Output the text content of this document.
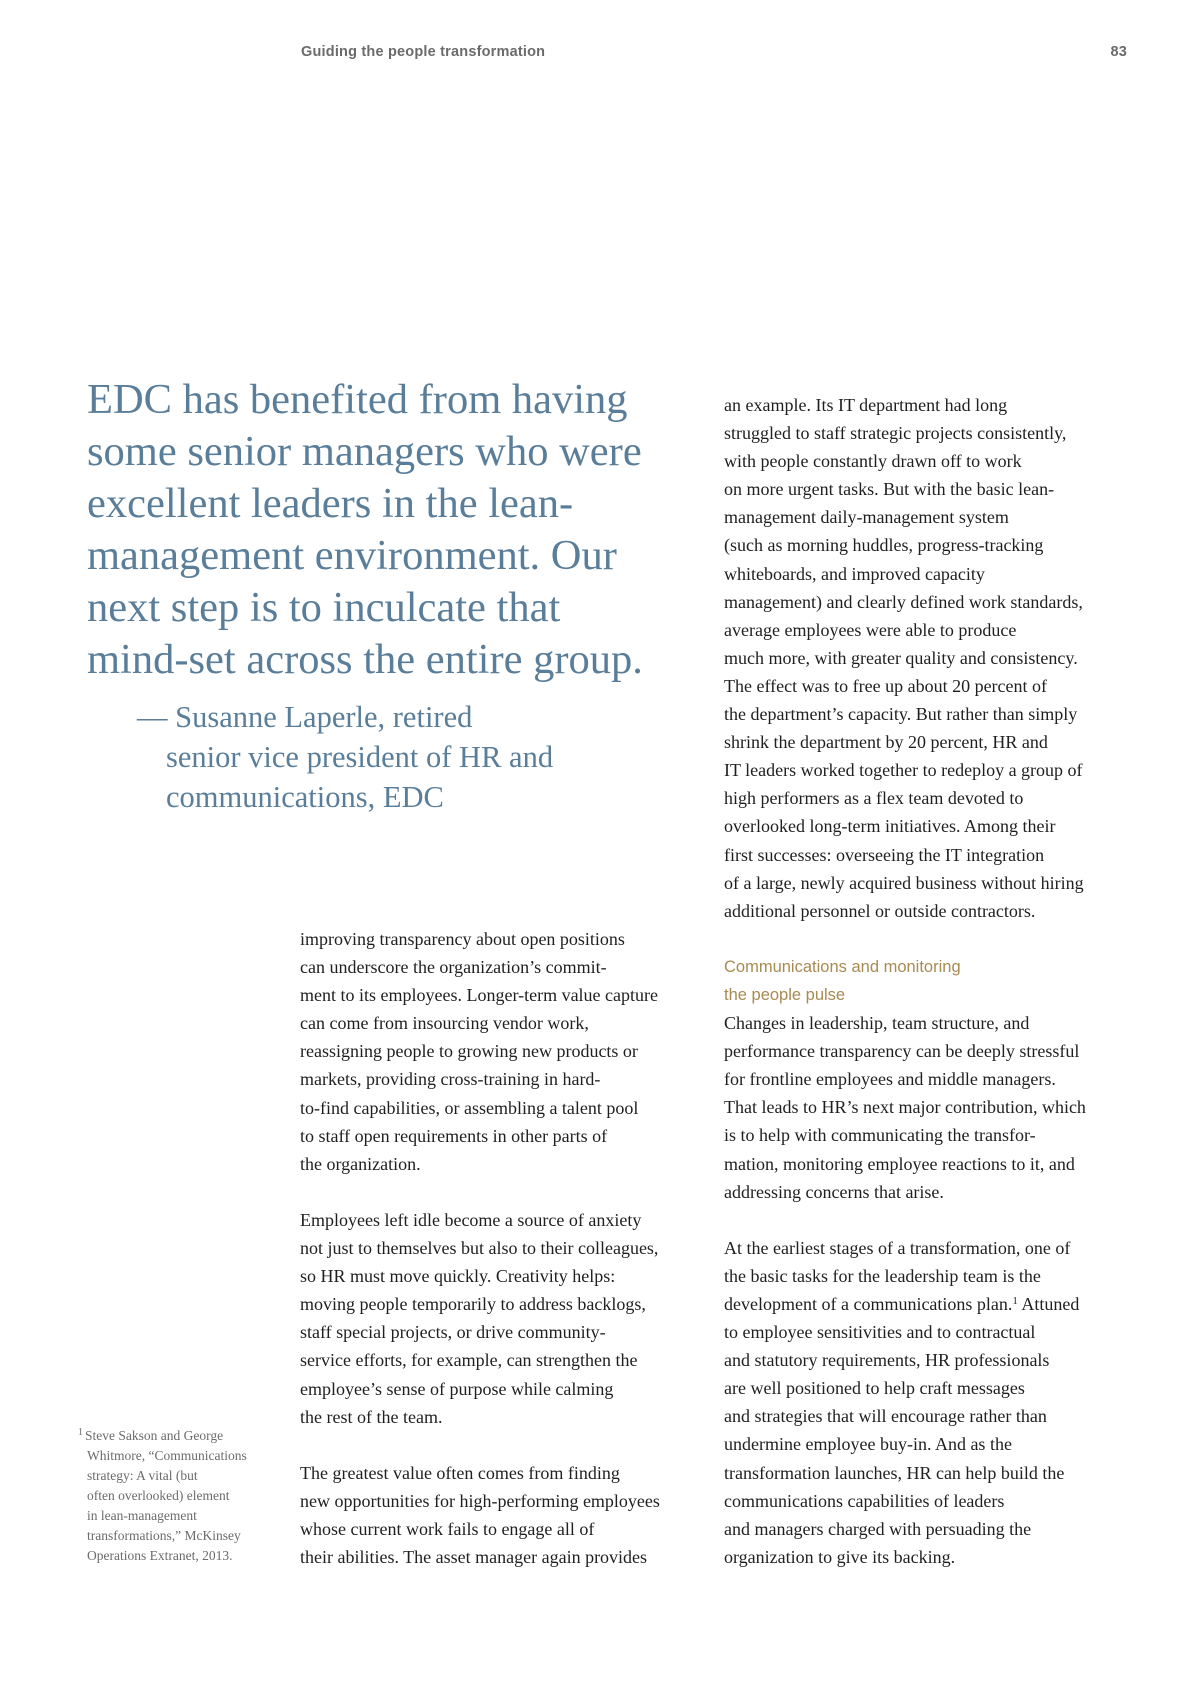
Guiding the people transformation	83
EDC has benefited from having
some senior managers who were
excellent leaders in the lean-
management environment. Our
next step is to inculcate that
mind-set across the entire group.
— Susanne Laperle, retired
senior vice president of HR and
communications, EDC
improving transparency about open positions
can underscore the organization’s commit-
ment to its employees. Longer-term value capture
can come from insourcing vendor work,
reassigning people to growing new products or
markets, providing cross-training in hard-
to-find capabilities, or assembling a talent pool
to staff open requirements in other parts of
the organization.
Employees left idle become a source of anxiety
not just to themselves but also to their colleagues,
so HR must move quickly. Creativity helps:
moving people temporarily to address backlogs,
staff special projects, or drive community-
service efforts, for example, can strengthen the
employee’s sense of purpose while calming
the rest of the team.
The greatest value often comes from finding
new opportunities for high-performing employees
whose current work fails to engage all of
their abilities. The asset manager again provides
an example. Its IT department had long
struggled to staff strategic projects consistently,
with people constantly drawn off to work
on more urgent tasks. But with the basic lean-
management daily-management system
(such as morning huddles, progress-tracking
whiteboards, and improved capacity
management) and clearly defined work standards,
average employees were able to produce
much more, with greater quality and consistency.
The effect was to free up about 20 percent of
the department’s capacity. But rather than simply
shrink the department by 20 percent, HR and
IT leaders worked together to redeploy a group of
high performers as a flex team devoted to
overlooked long-term initiatives. Among their
first successes: overseeing the IT integration
of a large, newly acquired business without hiring
additional personnel or outside contractors.
Communications and monitoring
the people pulse
Changes in leadership, team structure, and
performance transparency can be deeply stressful
for frontline employees and middle managers.
That leads to HR’s next major contribution, which
is to help with communicating the transfor-
mation, monitoring employee reactions to it, and
addressing concerns that arise.
At the earliest stages of a transformation, one of
the basic tasks for the leadership team is the
development of a communications plan.$^1$ Attuned
to employee sensitivities and to contractual
and statutory requirements, HR professionals
are well positioned to help craft messages
and strategies that will encourage rather than
undermine employee buy-in. And as the
transformation launches, HR can help build the
communications capabilities of leaders
and managers charged with persuading the
organization to give its backing.
$^1$ Steve Sakson and George
Whitmore, “Communications
strategy: A vital (but
often overlooked) element
in lean-management
transformations,” McKinsey
Operations Extranet, 2013.
